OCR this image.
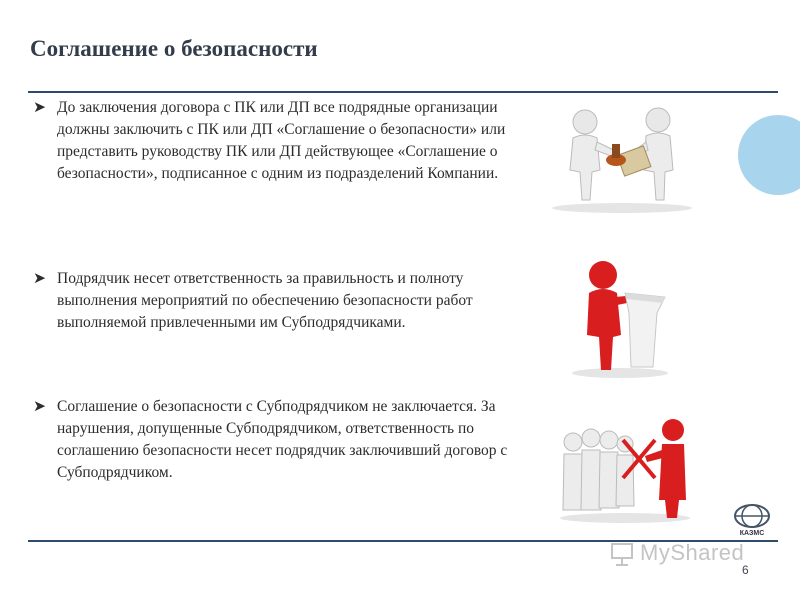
Соглашение о безопасности
➤ До заключения договора с ПК или ДП все подрядные организации должны заключить с ПК или ДП «Соглашение о безопасности» или представить руководству ПК или ДП действующее «Соглашение о безопасности», подписанное с одним из подразделений Компании.
➤ Подрядчик несет ответственность за правильность и полноту выполнения мероприятий по обеспечению безопасности работ выполняемой привлеченными им Субподрядчиками.
➤ Соглашение о безопасности с Субподрядчиком не заключается. За нарушения, допущенные Субподрядчиком, ответственность по соглашению безопасности несет подрядчик заключивший договор с Субподрядчиком.
КАЗМС
MyShared
6
